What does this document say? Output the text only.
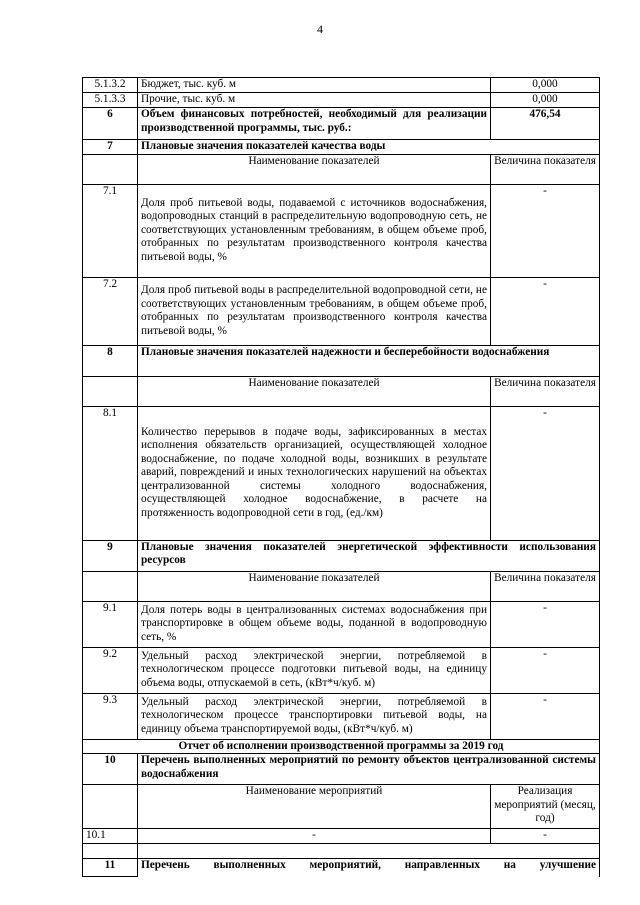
4
5.1.3.2	Бюджет, тыс. куб. м	0,000
5.1.3.3	Прочие, тыс. куб. м	0,000
6	Объем финансовых потребностей, необходимый для реализации производственной программы, тыс. руб.:	476,54
7	Плановые значения показателей качества воды	
	Наименование показателей	Величина показателя
7.1	Доля проб питьевой воды, подаваемой с источников водоснабжения, водопроводных станций в распределительную водопроводную сеть, не соответствующих установленным требованиям, в общем объеме проб, отобранных по результатам производственного контроля качества питьевой воды, %	-
7.2	Доля проб питьевой воды в распределительной водопроводной сети, не соответствующих установленным требованиям, в общем объеме проб, отобранных по результатам производственного контроля качества питьевой воды, %	-
8	Плановые значения показателей надежности и бесперебойности водоснабжения	
	Наименование показателей	Величина показателя
8.1	Количество перерывов в подаче воды, зафиксированных в местах исполнения обязательств организацией, осуществляющей холодное водоснабжение, по подаче холодной воды, возникших в результате аварий, повреждений и иных технологических нарушений на объектах централизованной системы холодного водоснабжения, осуществляющей холодное водоснабжение, в расчете на протяженность водопроводной сети в год, (ед./км)	-
9	Плановые значения показателей энергетической эффективности использования ресурсов	
	Наименование показателей	Величина показателя
9.1	Доля потерь воды в централизованных системах водоснабжения при транспортировке в общем объеме воды, поданной в водопроводную сеть, %	-
9.2	Удельный расход электрической энергии, потребляемой в технологическом процессе подготовки питьевой воды, на единицу объема воды, отпускаемой в сеть, (кВт*ч/куб. м)	-
9.3	Удельный расход электрической энергии, потребляемой в технологическом процессе транспортировки питьевой воды, на единицу объема транспортируемой воды, (кВт*ч/куб. м)	-
Отчет об исполнении производственной программы за 2019 год		
10	Перечень выполненных мероприятий по ремонту объектов централизованной системы водоснабжения	
	Наименование мероприятий	Реализация мероприятий (месяц, год)
10.1	-	-

11	Перечень выполненных мероприятий, направленных на улучшение	
